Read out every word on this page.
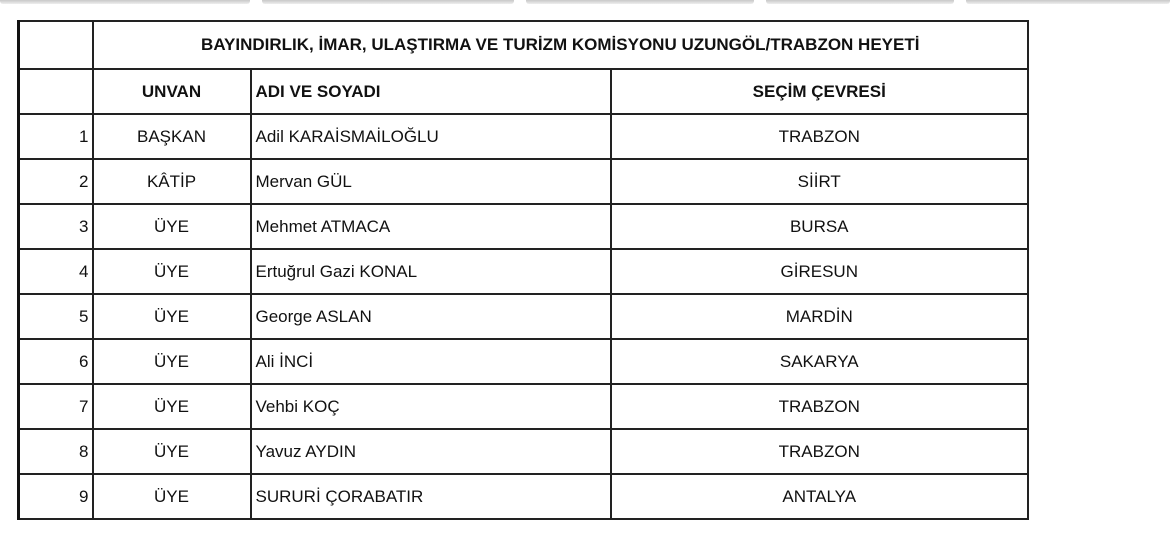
	BAYINDIRLIK, İMAR, ULAŞTIRMA VE TURİZM KOMİSYONU UZUNGÖL/TRABZON HEYETİ		
	UNVAN	ADI VE SOYADI	SEÇİM ÇEVRESİ
1	BAŞKAN	Adil KARAİSMAİLOĞLU	TRABZON
2	KÂTİP	Mervan GÜL	SİİRT
3	ÜYE	Mehmet ATMACA	BURSA
4	ÜYE	Ertuğrul Gazi KONAL	GİRESUN
5	ÜYE	George ASLAN	MARDİN
6	ÜYE	Ali İNCİ	SAKARYA
7	ÜYE	Vehbi KOÇ	TRABZON
8	ÜYE	Yavuz AYDIN	TRABZON
9	ÜYE	SURURİ ÇORABATIR	ANTALYA
